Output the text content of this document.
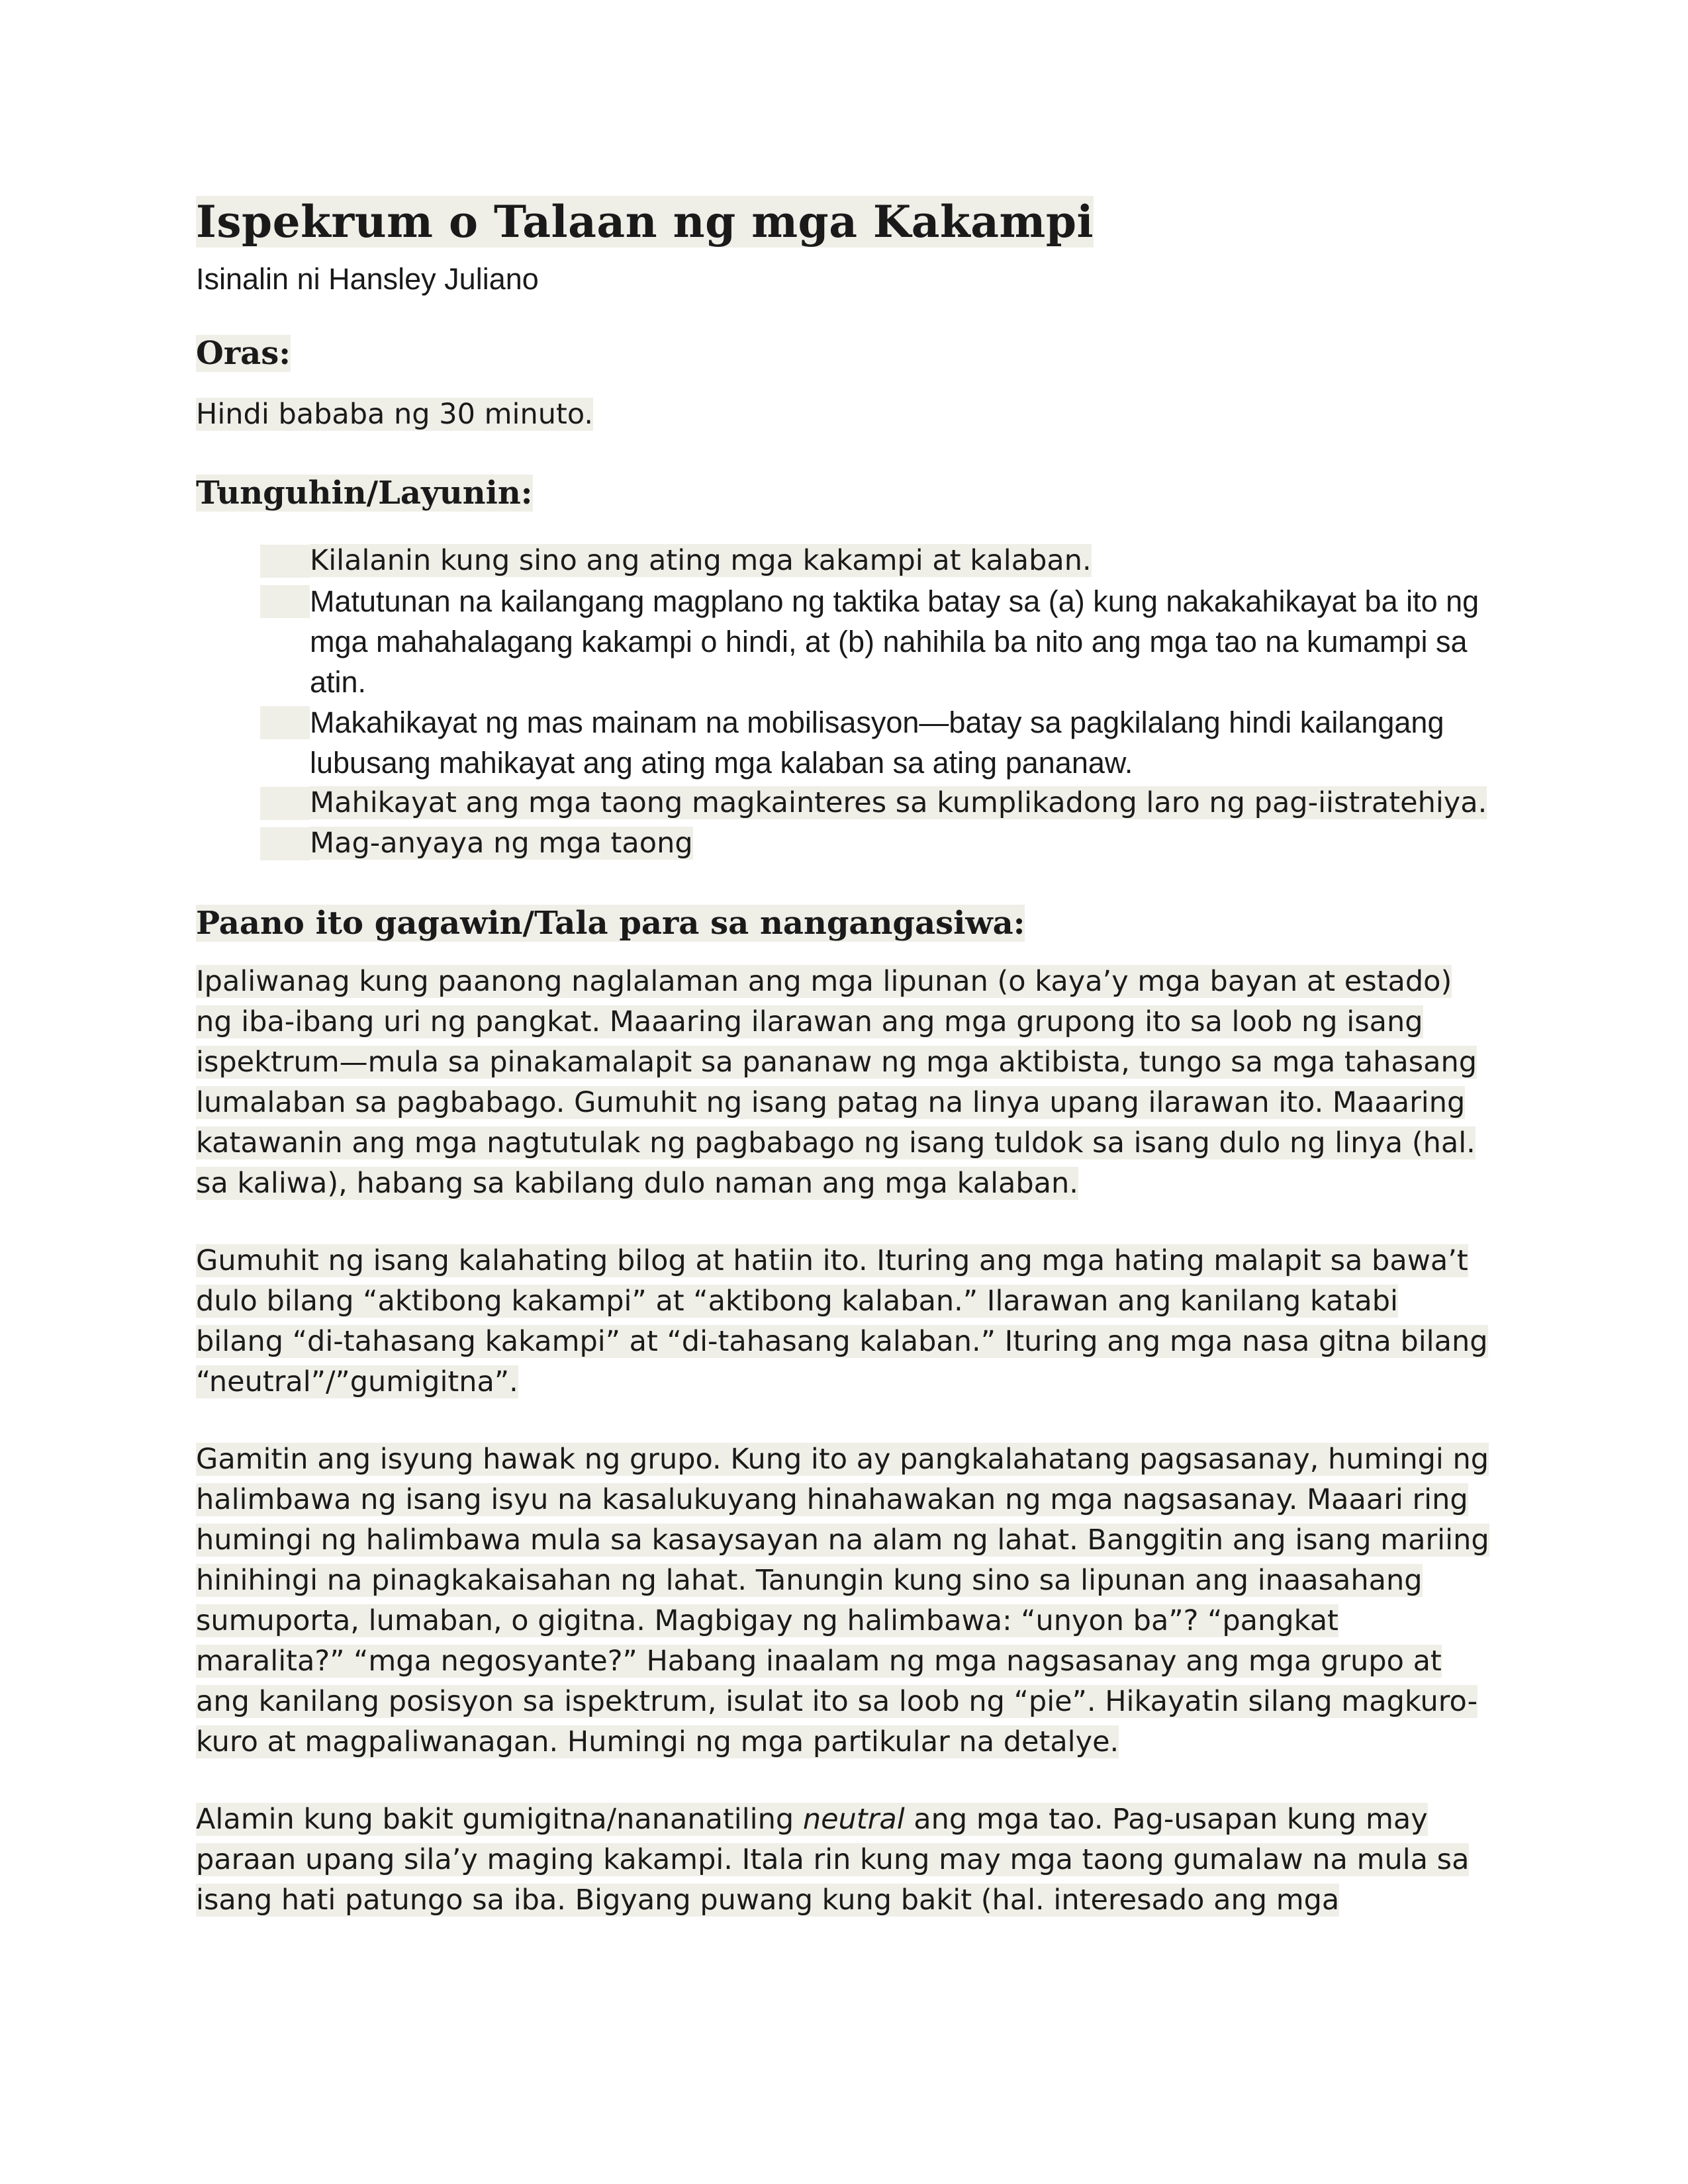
Ispekrum o Talaan ng mga Kakampi

Isinalin ni Hansley Juliano

Oras:

Hindi bababa ng 30 minuto.

Tunguhin/Layunin:
Kilalanin kung sino ang ating mga kakampi at kalaban.
Matutunan na kailangang magplano ng taktika batay sa (a) kung nakakahikayat ba ito ng mga mahahalagang kakampi o hindi, at (b) nahihila ba nito ang mga tao na kumampi sa atin.
Makahikayat ng mas mainam na mobilisasyon—batay sa pagkilalang hindi kailangang lubusang mahikayat ang ating mga kalaban sa ating pananaw.
Mahikayat ang mga taong magkainteres sa kumplikadong laro ng pag-iistratehiya.
Mag-anyaya ng mga taong
Paano ito gagawin/Tala para sa nangangasiwa:

Ipaliwanag kung paanong naglalaman ang mga lipunan (o kaya’y mga bayan at estado) ng iba-ibang uri ng pangkat. Maaaring ilarawan ang mga grupong ito sa loob ng isang ispektrum—mula sa pinakamalapit sa pananaw ng mga aktibista, tungo sa mga tahasang lumalaban sa pagbabago. Gumuhit ng isang patag na linya upang ilarawan ito. Maaaring katawanin ang mga nagtutulak ng pagbabago ng isang tuldok sa isang dulo ng linya (hal. sa kaliwa), habang sa kabilang dulo naman ang mga kalaban.

Gumuhit ng isang kalahating bilog at hatiin ito. Ituring ang mga hating malapit sa bawa’t dulo bilang “aktibong kakampi” at “aktibong kalaban.” Ilarawan ang kanilang katabi bilang “di-tahasang kakampi” at “di-tahasang kalaban.” Ituring ang mga nasa gitna bilang “neutral”/”gumigitna”.

Gamitin ang isyung hawak ng grupo. Kung ito ay pangkalahatang pagsasanay, humingi ng halimbawa ng isang isyu na kasalukuyang hinahawakan ng mga nagsasanay. Maaari ring humingi ng halimbawa mula sa kasaysayan na alam ng lahat. Banggitin ang isang mariing hinihingi na pinagkakaisahan ng lahat. Tanungin kung sino sa lipunan ang inaasahang sumuporta, lumaban, o gigitna. Magbigay ng halimbawa: “unyon ba”? “pangkat maralita?” “mga negosyante?” Habang inaalam ng mga nagsasanay ang mga grupo at ang kanilang posisyon sa ispektrum, isulat ito sa loob ng “pie”. Hikayatin silang magkuro-kuro at magpaliwanagan. Humingi ng mga partikular na detalye.

Alamin kung bakit gumigitna/nananatiling neutral ang mga tao. Pag-usapan kung may paraan upang sila’y maging kakampi. Itala rin kung may mga taong gumalaw na mula sa isang hati patungo sa iba. Bigyang puwang kung bakit (hal. interesado ang mga
